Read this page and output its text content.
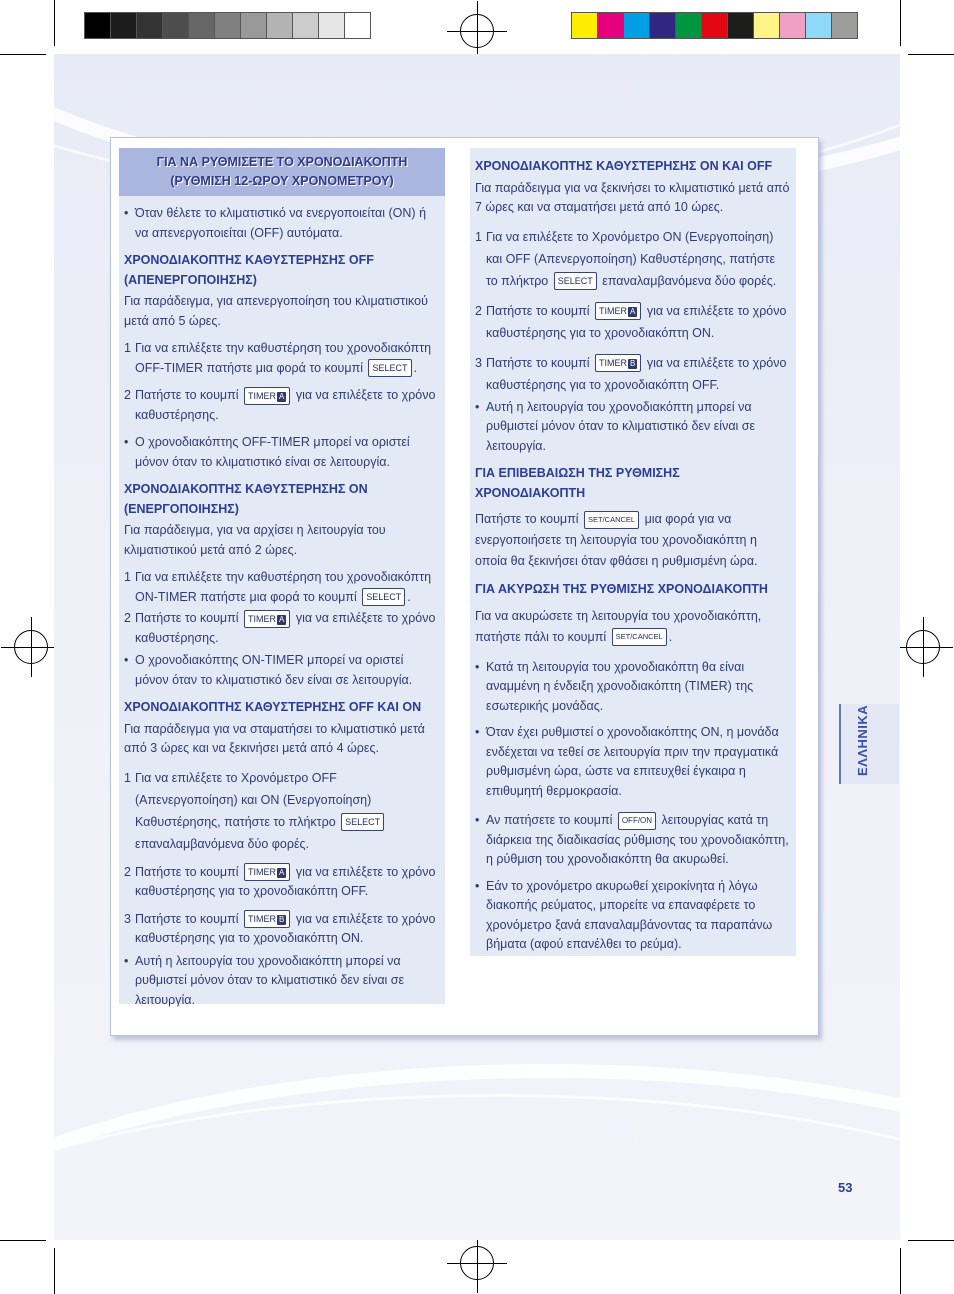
ΓΙΑ ΝΑ ΡΥΘΜΙΣΕΤΕ ΤΟ ΧΡΟΝΟΔΙΑΚΟΠΤΗ
(ΡΥΘΜΙΣΗ 12-ΩΡΟΥ ΧΡΟΝΟΜΕΤΡΟΥ)
• Όταν θέλετε το κλιματιστικό να ενεργοποιείται (ON) ή να απενεργοποιείται (OFF) αυτόματα.
ΧΡΟΝΟΔΙΑΚΟΠΤΗΣ ΚΑΘΥΣΤΕΡΗΣΗΣ OFF (ΑΠΕΝΕΡΓΟΠΟΙΗΣΗΣ)
Για παράδειγμα, για απενεργοποίηση του κλιματιστικού μετά από 5 ώρες.
1 Για να επιλέξετε την καθυστέρηση του χρονοδιακόπτη OFF-TIMER πατήστε μια φορά το κουμπί SELECT .
2 Πατήστε το κουμπί TIMER A για να επιλέξετε το χρόνο καθυστέρησης.
• Ο χρονοδιακόπτης OFF-TIMER μπορεί να οριστεί μόνον όταν το κλιματιστικό είναι σε λειτουργία.
ΧΡΟΝΟΔΙΑΚΟΠΤΗΣ ΚΑΘΥΣΤΕΡΗΣΗΣ ON (ΕΝΕΡΓΟΠΟΙΗΣΗΣ)
Για παράδειγμα, για να αρχίσει η λειτουργία του κλιματιστικού μετά από 2 ώρες.
1 Για να επιλέξετε την καθυστέρηση του χρονοδιακόπτη ON-TIMER πατήστε μια φορά το κουμπί SELECT .
2 Πατήστε το κουμπί TIMER A για να επιλέξετε το χρόνο καθυστέρησης.
• Ο χρονοδιακόπτης ON-TIMER μπορεί να οριστεί μόνον όταν το κλιματιστικό δεν είναι σε λειτουργία.
ΧΡΟΝΟΔΙΑΚΟΠΤΗΣ ΚΑΘΥΣΤΕΡΗΣΗΣ OFF ΚΑΙ ON
Για παράδειγμα για να σταματήσει το κλιματιστικό μετά από 3 ώρες και να ξεκινήσει μετά από 4 ώρες.
1 Για να επιλέξετε το Χρονόμετρο OFF (Απενεργοποίηση) και ON (Ενεργοποίηση) Καθυστέρησης, πατήστε το πλήκτρο SELECT επαναλαμβανόμενα δύο φορές.
2 Πατήστε το κουμπί TIMER A για να επιλέξετε το χρόνο καθυστέρησης για το χρονοδιακόπτη OFF.
3 Πατήστε το κουμπί TIMER B για να επιλέξετε το χρόνο καθυστέρησης για το χρονοδιακόπτη ON.
• Αυτή η λειτουργία του χρονοδιακόπτη μπορεί να ρυθμιστεί μόνον όταν το κλιματιστικό δεν είναι σε λειτουργία.
ΧΡΟΝΟΔΙΑΚΟΠΤΗΣ ΚΑΘΥΣΤΕΡΗΣΗΣ ON ΚΑΙ OFF
Για παράδειγμα για να ξεκινήσει το κλιματιστικό μετά από 7 ώρες και να σταματήσει μετά από 10 ώρες.
1 Για να επιλέξετε το Χρονόμετρο ON (Ενεργοποίηση) και OFF (Απενεργοποίηση) Καθυστέρησης, πατήστε το πλήκτρο SELECT επαναλαμβανόμενα δύο φορές.
2 Πατήστε το κουμπί TIMER A για να επιλέξετε το χρόνο καθυστέρησης για το χρονοδιακόπτη ON.
3 Πατήστε το κουμπί TIMER B για να επιλέξετε το χρόνο καθυστέρησης για το χρονοδιακόπτη OFF.
• Αυτή η λειτουργία του χρονοδιακόπτη μπορεί να ρυθμιστεί μόνον όταν το κλιματιστικό δεν είναι σε λειτουργία.
ΓΙΑ ΕΠΙΒΕΒΑΙΩΣΗ ΤΗΣ ΡΥΘΜΙΣΗΣ ΧΡΟΝΟΔΙΑΚΟΠΤΗ
Πατήστε το κουμπί SET/CANCEL μια φορά για να ενεργοποιήσετε τη λειτουργία του χρονοδιακόπτη η οποία θα ξεκινήσει όταν φθάσει η ρυθμισμένη ώρα.
ΓΙΑ ΑΚΥΡΩΣΗ ΤΗΣ ΡΥΘΜΙΣΗΣ ΧΡΟΝΟΔΙΑΚΟΠΤΗ
Για να ακυρώσετε τη λειτουργία του χρονοδιακόπτη, πατήστε πάλι το κουμπί SET/CANCEL .
• Κατά τη λειτουργία του χρονοδιακόπτη θα είναι αναμμένη η ένδειξη χρονοδιακόπτη (TIMER) της εσωτερικής μονάδας.
• Όταν έχει ρυθμιστεί ο χρονοδιακόπτης ON, η μονάδα ενδέχεται να τεθεί σε λειτουργία πριν την πραγματικά ρυθμισμένη ώρα, ώστε να επιτευχθεί έγκαιρα η επιθυμητή θερμοκρασία.
• Αν πατήσετε το κουμπί OFF/ON λειτουργίας κατά τη διάρκεια της διαδικασίας ρύθμισης του χρονοδιακόπτη, η ρύθμιση του χρονοδιακόπτη θα ακυρωθεί.
• Εάν το χρονόμετρο ακυρωθεί χειροκίνητα ή λόγω διακοπής ρεύματος, μπορείτε να επαναφέρετε το χρονόμετρο ξανά επαναλαμβάνοντας τα παραπάνω βήματα (αφού επανέλθει το ρεύμα).
ΕΛΛΗΝΙΚΑ
53
